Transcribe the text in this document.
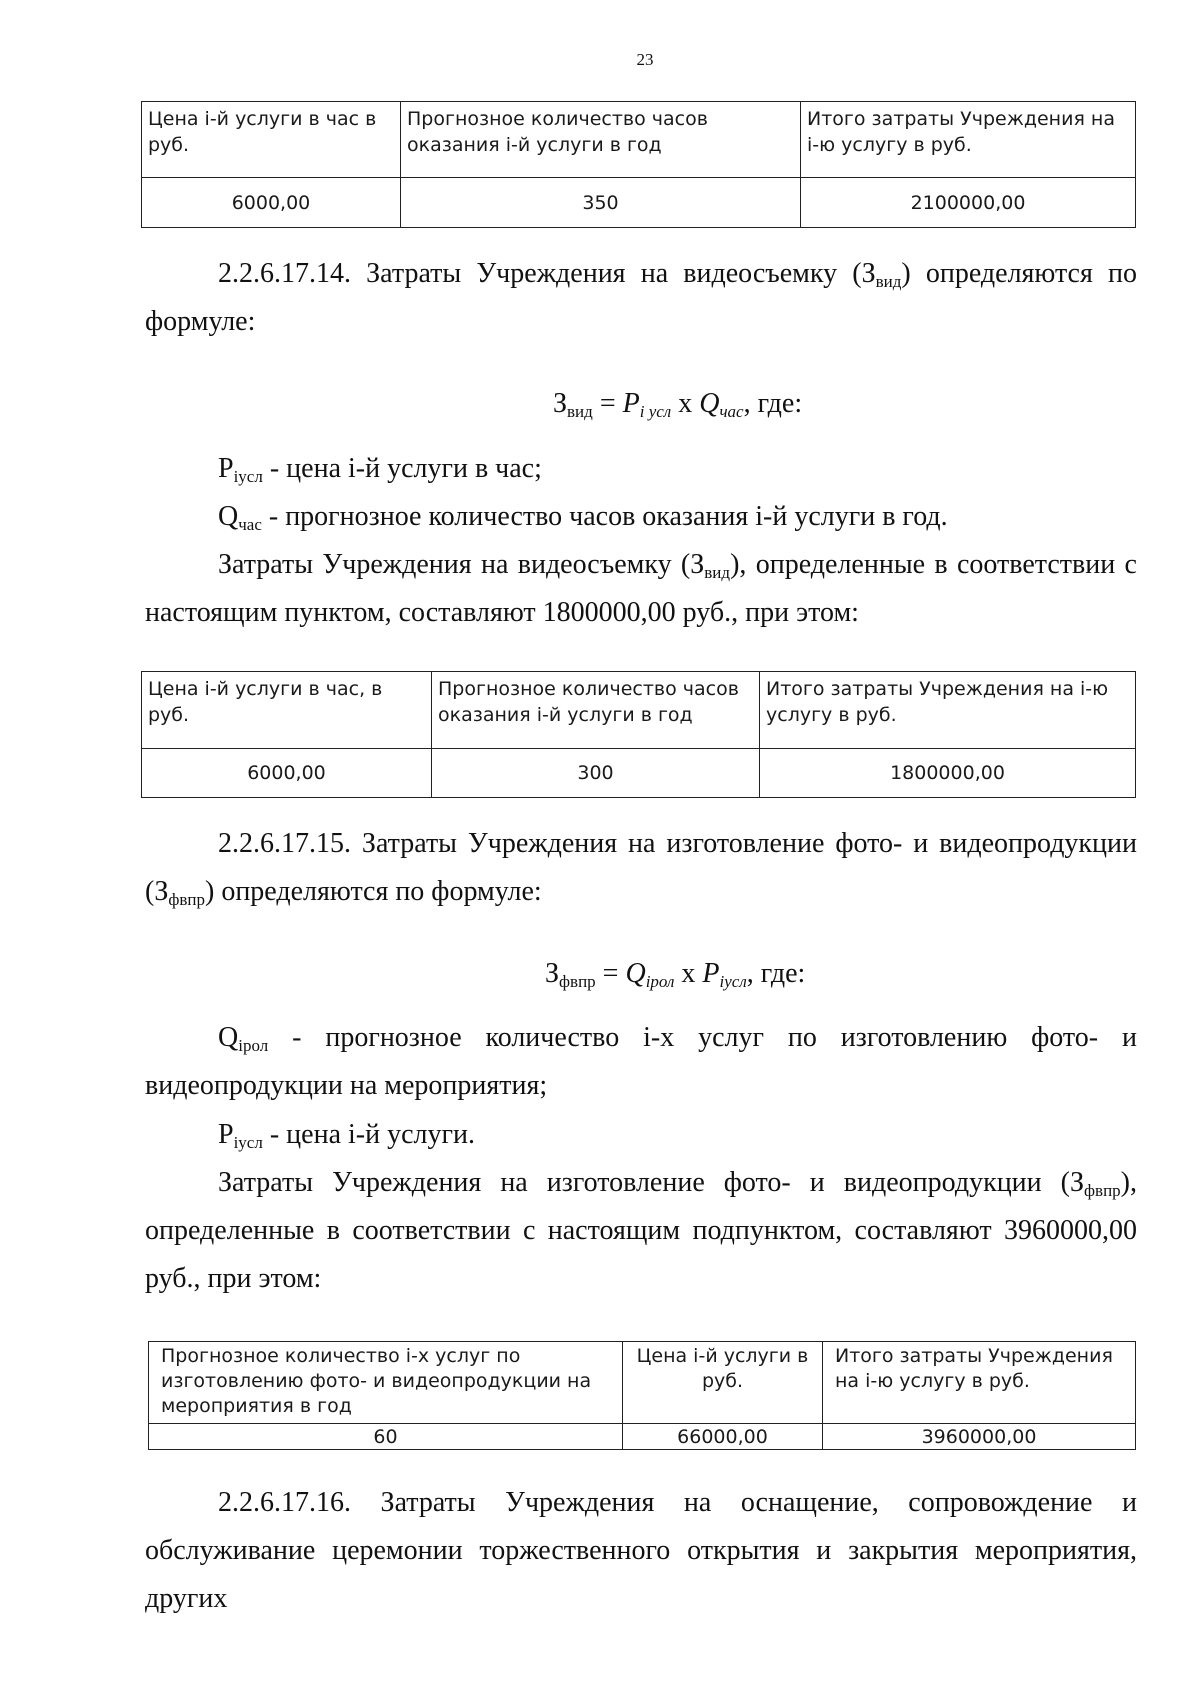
23
Цена i-й услуги в час в руб.	Прогнозное количество часов оказания i-й услуги в год	Итого затраты Учреждения на i-ю услугу в руб.
6000,00	350	2100000,00

2.2.6.17.14. Затраты Учреждения на видеосъемку $(З_{вид})$ определяются по формуле:

$З_{вид} = P_{i усл}$ x $Q_{час}$, где:

$P_{iусл}$ - цена i-й услуги в час;

$Q_{час}$ - прогнозное количество часов оказания i-й услуги в год.

Затраты Учреждения на видеосъемку $(З_{вид})$, определенные в соответствии с настоящим пунктом, составляют 1800000,00 руб., при этом:

Цена i-й услуги в час, в руб.	Прогнозное количество часов оказания i-й услуги в год	Итого затраты Учреждения на i-ю услугу в руб.
6000,00	300	1800000,00

2.2.6.17.15. Затраты Учреждения на изготовление фото- и видеопродукции $(З_{фвпр})$ определяются по формуле:

$З_{фвпр} = Q_{iрол}$ x $P_{iусл}$, где:

$Q_{iрол}$ - прогнозное количество i-х услуг по изготовлению фото- и видеопродукции на мероприятия;

$P_{iусл}$ - цена i-й услуги.

Затраты Учреждения на изготовление фото- и видеопродукции $(З_{фвпр})$, определенные в соответствии с настоящим подпунктом, составляют 3960000,00 руб., при этом:

Прогнозное количество i-х услуг по изготовлению фото- и видеопродукции на мероприятия в год	Цена i-й услуги в руб.	Итого затраты Учреждения на i-ю услугу в руб.
60	66000,00	3960000,00

2.2.6.17.16. Затраты Учреждения на оснащение, сопровождение и обслуживание церемонии торжественного открытия и закрытия мероприятия, других
